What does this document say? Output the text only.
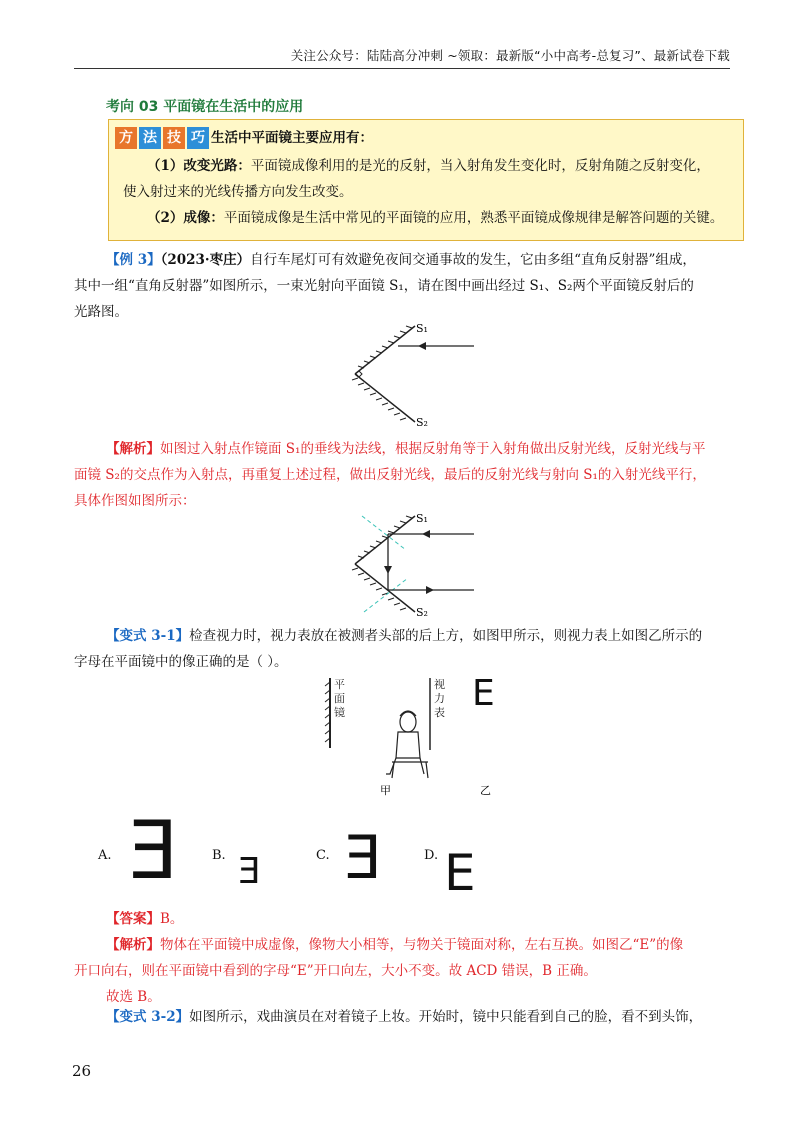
关注公众号：陆陆高分冲刺 ~领取：最新版“小中高考-总复习”、最新试卷下载
考向 03 平面镜在生活中的应用
方 法 技 巧 生活中平面镜主要应用有：
（1）改变光路：平面镜成像利用的是光的反射，当入射角发生变化时，反射角随之反射变化，
使入射过来的光线传播方向发生改变。
（2）成像：平面镜成像是生活中常见的平面镜的应用，熟悉平面镜成像规律是解答问题的关键。
【例 3】（2023·枣庄）自行车尾灯可有效避免夜间交通事故的发生，它由多组“直角反射器”组成，
其中一组“直角反射器”如图所示，一束光射向平面镜 S₁，请在图中画出经过 S₁、S₂两个平面镜反射后的
光路图。
S₁
S₂
【解析】如图过入射点作镜面 S₁的垂线为法线，根据反射角等于入射角做出反射光线，反射光线与平
面镜 S₂的交点作为入射点，再重复上述过程，做出反射光线，最后的反射光线与射向 S₁的入射光线平行，
具体作图如图所示：
S₁
S₂
【变式 3-1】检查视力时，视力表放在被测者头部的后上方，如图甲所示，则视力表上如图乙所示的
字母在平面镜中的像正确的是（ ）。
平
面
镜
视
力
表
甲	乙
E
A. Ǝ	B. Ǝ	C. Ǝ	D. E
【答案】B。
【解析】物体在平面镜中成虚像，像物大小相等，与物关于镜面对称，左右互换。如图乙“E”的像
开口向右，则在平面镜中看到的字母“E”开口向左，大小不变。故 ACD 错误，B 正确。
故选 B。
【变式 3-2】如图所示，戏曲演员在对着镜子上妆。开始时，镜中只能看到自己的脸，看不到头饰，
26
